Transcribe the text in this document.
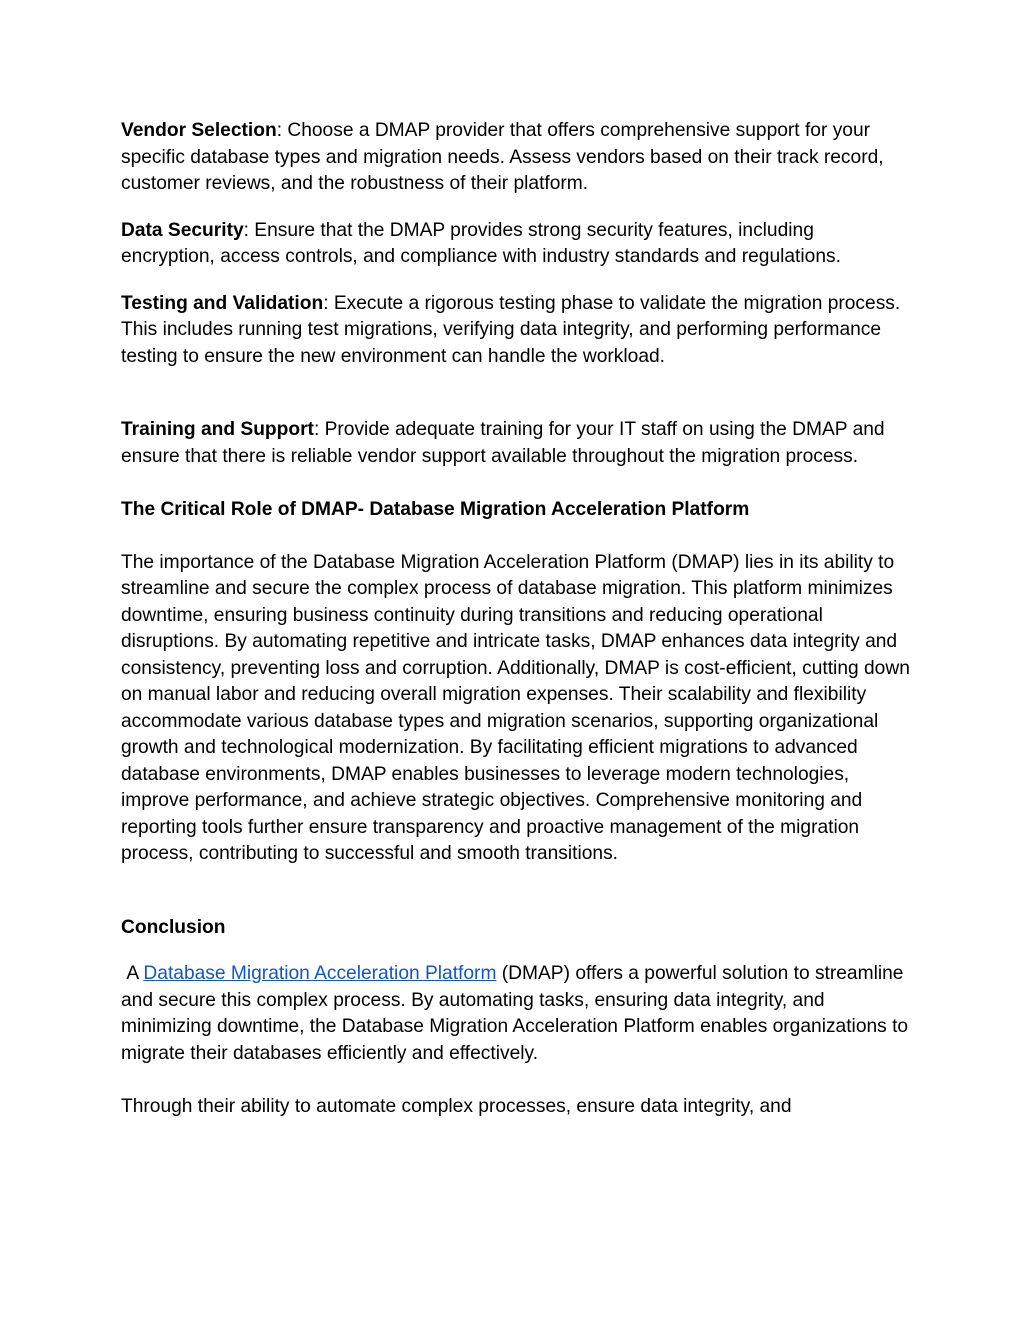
Vendor Selection: Choose a DMAP provider that offers comprehensive support for your specific database types and migration needs. Assess vendors based on their track record, customer reviews, and the robustness of their platform.

Data Security: Ensure that the DMAP provides strong security features, including encryption, access controls, and compliance with industry standards and regulations.

Testing and Validation: Execute a rigorous testing phase to validate the migration process. This includes running test migrations, verifying data integrity, and performing performance testing to ensure the new environment can handle the workload.

Training and Support: Provide adequate training for your IT staff on using the DMAP and ensure that there is reliable vendor support available throughout the migration process.

The Critical Role of DMAP- Database Migration Acceleration Platform

The importance of the Database Migration Acceleration Platform (DMAP) lies in its ability to streamline and secure the complex process of database migration. This platform minimizes downtime, ensuring business continuity during transitions and reducing operational disruptions. By automating repetitive and intricate tasks, DMAP enhances data integrity and consistency, preventing loss and corruption. Additionally, DMAP is cost-efficient, cutting down on manual labor and reducing overall migration expenses. Their scalability and flexibility accommodate various database types and migration scenarios, supporting organizational growth and technological modernization. By facilitating efficient migrations to advanced database environments, DMAP enables businesses to leverage modern technologies, improve performance, and achieve strategic objectives. Comprehensive monitoring and reporting tools further ensure transparency and proactive management of the migration process, contributing to successful and smooth transitions.

Conclusion

A Database Migration Acceleration Platform (DMAP) offers a powerful solution to streamline and secure this complex process. By automating tasks, ensuring data integrity, and minimizing downtime, the Database Migration Acceleration Platform enables organizations to migrate their databases efficiently and effectively.

Through their ability to automate complex processes, ensure data integrity, and
